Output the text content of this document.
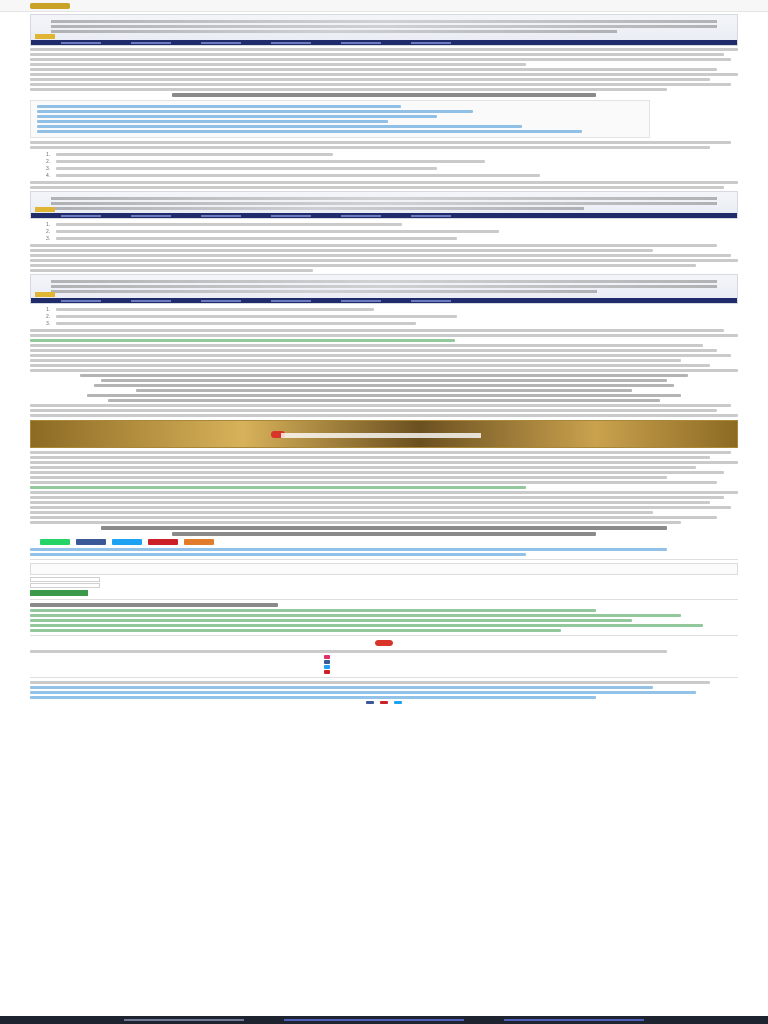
1.
2.
3.
4.
1.
2.
3.
1.
2.
3.
